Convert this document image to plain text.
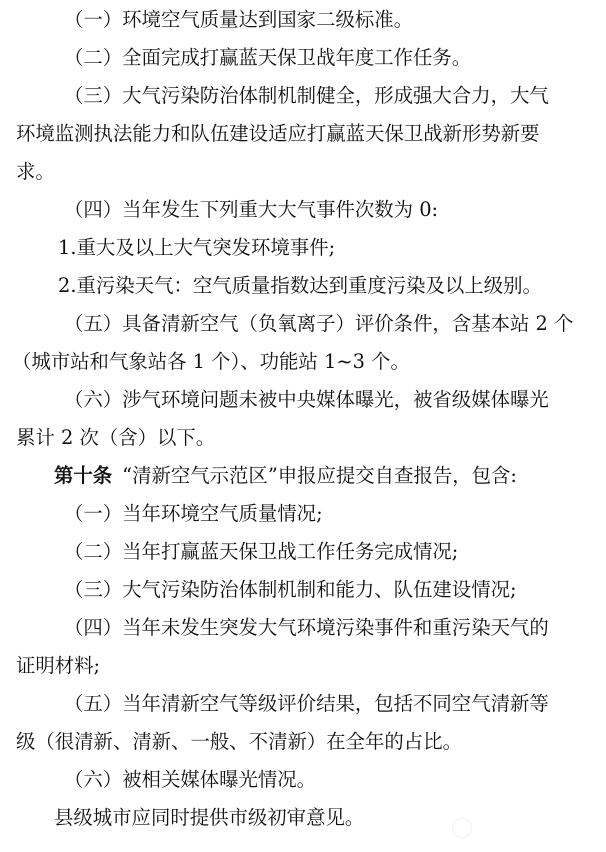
（一）环境空气质量达到国家二级标准。
（二）全面完成打赢蓝天保卫战年度工作任务。
（三）大气污染防治体制机制健全，形成强大合力，大气
环境监测执法能力和队伍建设适应打赢蓝天保卫战新形势新要
求。
（四）当年发生下列重大大气事件次数为 0:
1.重大及以上大气突发环境事件;
2.重污染天气：空气质量指数达到重度污染及以上级别。
（五）具备清新空气（负氧离子）评价条件，含基本站 2 个
（城市站和气象站各 1 个）、功能站 1~3 个。
（六）涉气环境问题未被中央媒体曝光，被省级媒体曝光
累计 2 次（含）以下。
第十条 “清新空气示范区”申报应提交自查报告，包含:
（一）当年环境空气质量情况;
（二）当年打赢蓝天保卫战工作任务完成情况;
（三）大气污染防治体制机制和能力、队伍建设情况;
（四）当年未发生突发大气环境污染事件和重污染天气的
证明材料;
（五）当年清新空气等级评价结果，包括不同空气清新等
级（很清新、清新、一般、不清新）在全年的占比。
（六）被相关媒体曝光情况。
县级城市应同时提供市级初审意见。
